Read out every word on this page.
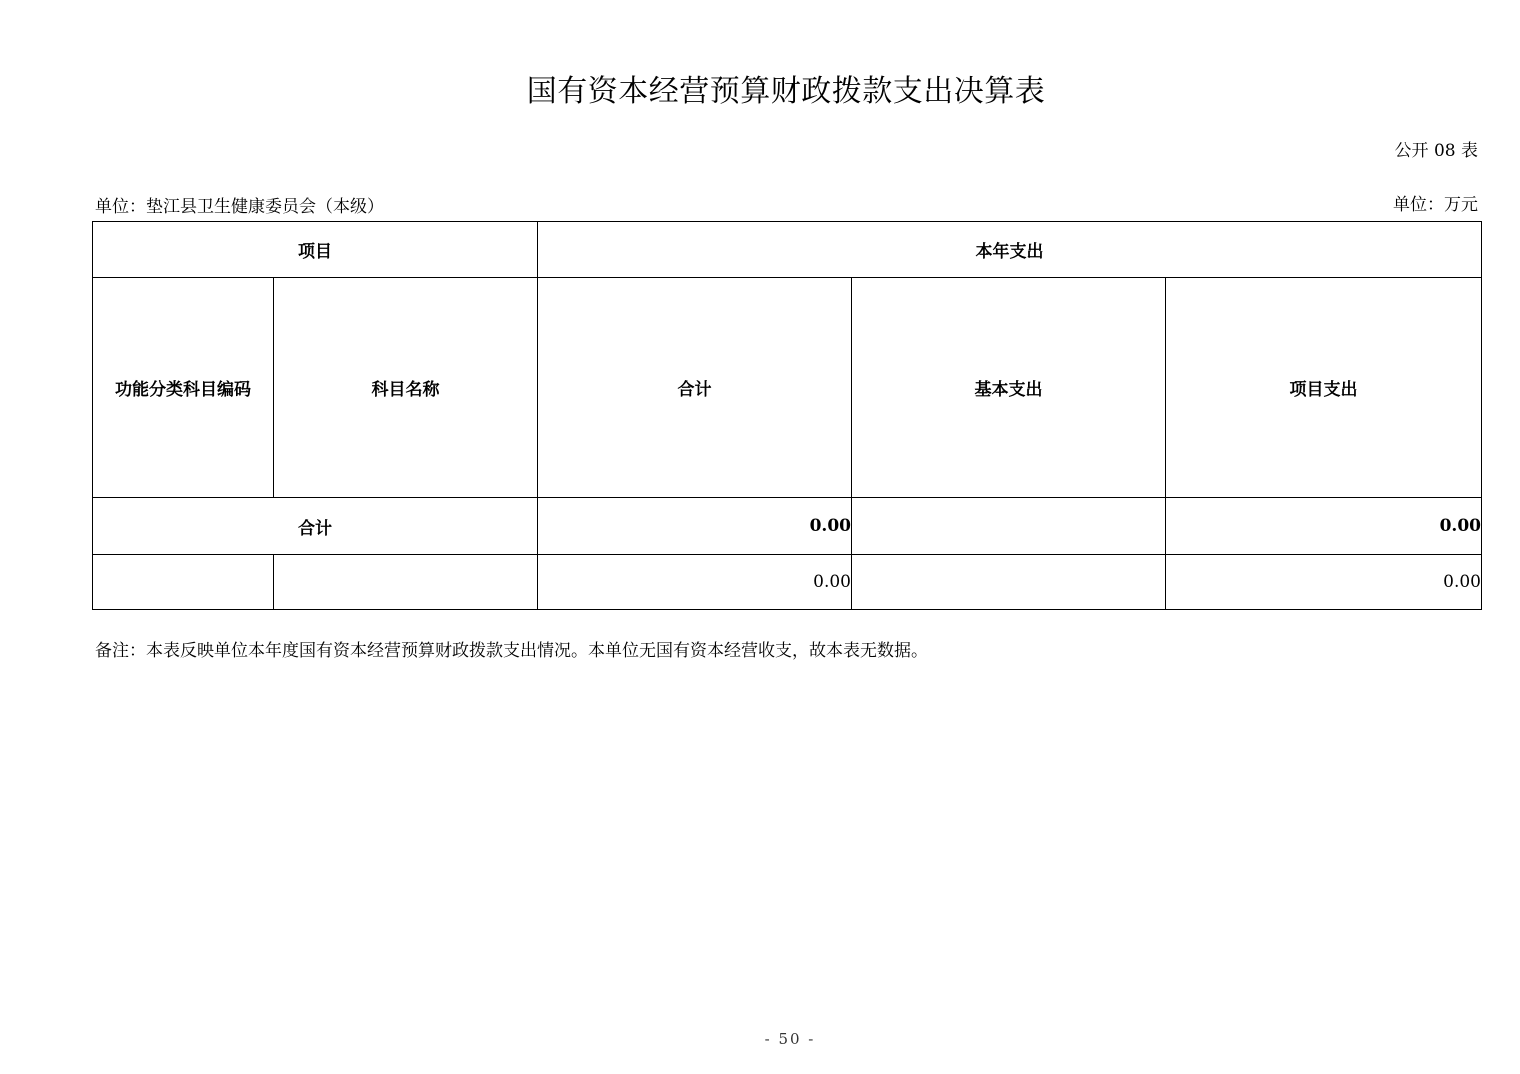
国有资本经营预算财政拨款支出决算表
公开 08 表
单位：垫江县卫生健康委员会（本级）	单位：万元
项目		本年支出		
功能分类科目编码	科目名称	合计	基本支出	项目支出
合计		0.00		0.00
		0.00		0.00
备注：本表反映单位本年度国有资本经营预算财政拨款支出情况。本单位无国有资本经营收支，故本表无数据。
- 50 -
